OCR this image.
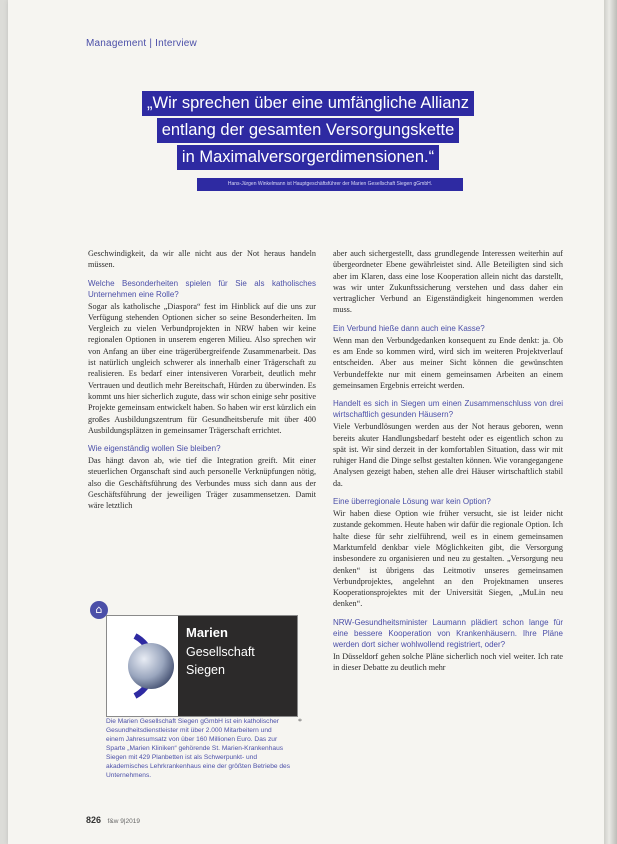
Management | Interview
„Wir sprechen über eine umfängliche Allianz
entlang der gesamten Versorgungskette
in Maximalversorgerdimensionen.“
Hans-Jürgen Winkelmann ist Hauptgeschäftsführer der Marien Gesellschaft Siegen gGmbH.

Geschwindigkeit, da wir alle nicht aus der Not heraus handeln müssen.

Welche Besonderheiten spielen für Sie als katholisches Unternehmen eine Rolle?

Sogar als katholische „Diaspora“ fest im Hinblick auf die uns zur Verfügung stehenden Optionen sicher so seine Besonderheiten. Im Vergleich zu vielen Verbundprojekten in NRW haben wir keine regionalen Optionen in unserem engeren Milieu. Also sprechen wir von Anfang an über eine trägerübergreifende Zusammenarbeit. Das ist natürlich ungleich schwerer als innerhalb einer Trägerschaft zu realisieren. Es bedarf einer intensiveren Vorarbeit, deutlich mehr Vertrauen und deutlich mehr Bereitschaft, Hürden zu überwinden. Es kommt uns hier sicherlich zugute, dass wir schon einige sehr positive Projekte gemeinsam entwickelt haben. So haben wir erst kürzlich ein großes Ausbildungszentrum für Gesundheitsberufe mit über 400 Ausbildungsplätzen in gemeinsamer Trägerschaft errichtet.

Wie eigenständig wollen Sie bleiben?

Das hängt davon ab, wie tief die Integration greift. Mit einer steuerlichen Organschaft sind auch personelle Verknüpfungen nötig, also die Geschäftsführung des Verbundes muss sich dann aus der Geschäftsführung der jeweiligen Träger zusammensetzen. Damit wäre letztlich

aber auch sichergestellt, dass grundlegende Interessen weiterhin auf übergeordneter Ebene gewährleistet sind. Alle Beteiligten sind sich aber im Klaren, dass eine lose Kooperation allein nicht das darstellt, was wir unter Zukunftssicherung verstehen und dass daher ein vertraglicher Verbund an Eigenständigkeit hingenommen werden muss.

Ein Verbund hieße dann auch eine Kasse?

Wenn man den Verbundgedanken konsequent zu Ende denkt: ja. Ob es am Ende so kommen wird, wird sich im weiteren Projektverlauf entscheiden. Aber aus meiner Sicht können die gewünschten Verbundeffekte nur mit einem gemeinsamen Arbeiten an einem gemeinsamen Ergebnis erreicht werden.

Handelt es sich in Siegen um einen Zusammenschluss von drei wirtschaftlich gesunden Häusern?

Viele Verbundlösungen werden aus der Not heraus geboren, wenn bereits akuter Handlungsbedarf besteht oder es eigentlich schon zu spät ist. Wir sind derzeit in der komfortablen Situation, dass wir mit ruhiger Hand die Dinge selbst gestalten können. Wie vorangegangene Analysen gezeigt haben, stehen alle drei Häuser wirtschaftlich stabil da.

Eine überregionale Lösung war kein Option?

Wir haben diese Option wie früher versucht, sie ist leider nicht zustande gekommen. Heute haben wir dafür die regionale Option. Ich halte diese für sehr zielführend, weil es in einem gemeinsamen Marktumfeld denkbar viele Möglichkeiten gibt, die Versorgung insbesondere zu organisieren und neu zu gestalten. „Versorgung neu denken“ ist übrigens das Leitmotiv unseres gemeinsamen Verbundprojektes, angelehnt an den Projektnamen unseres Kooperationsprojektes mit der Universität Siegen, „MuLin neu denken“.

NRW-Gesundheitsminister Laumann plädiert schon lange für eine bessere Kooperation von Krankenhäusern. Ihre Pläne werden dort sicher wohlwollend registriert, oder?

In Düsseldorf gehen solche Pläne sicherlich noch viel weiter. Ich rate in dieser Debatte zu deutlich mehr

⌂
Marien
Gesellschaft
Siegen
*
Die Marien Gesellschaft Siegen gGmbH ist ein katholischer Gesundheitsdienstleister mit über 2.000 Mitarbeitern und einem Jahresumsatz von über 160 Millionen Euro. Das zur Sparte „Marien Kliniken“ gehörende St. Marien-Krankenhaus Siegen mit 429 Planbetten ist als Schwerpunkt- und akademisches Lehrkrankenhaus eine der größten Betriebe des Unternehmens.
826 f&w 9|2019
